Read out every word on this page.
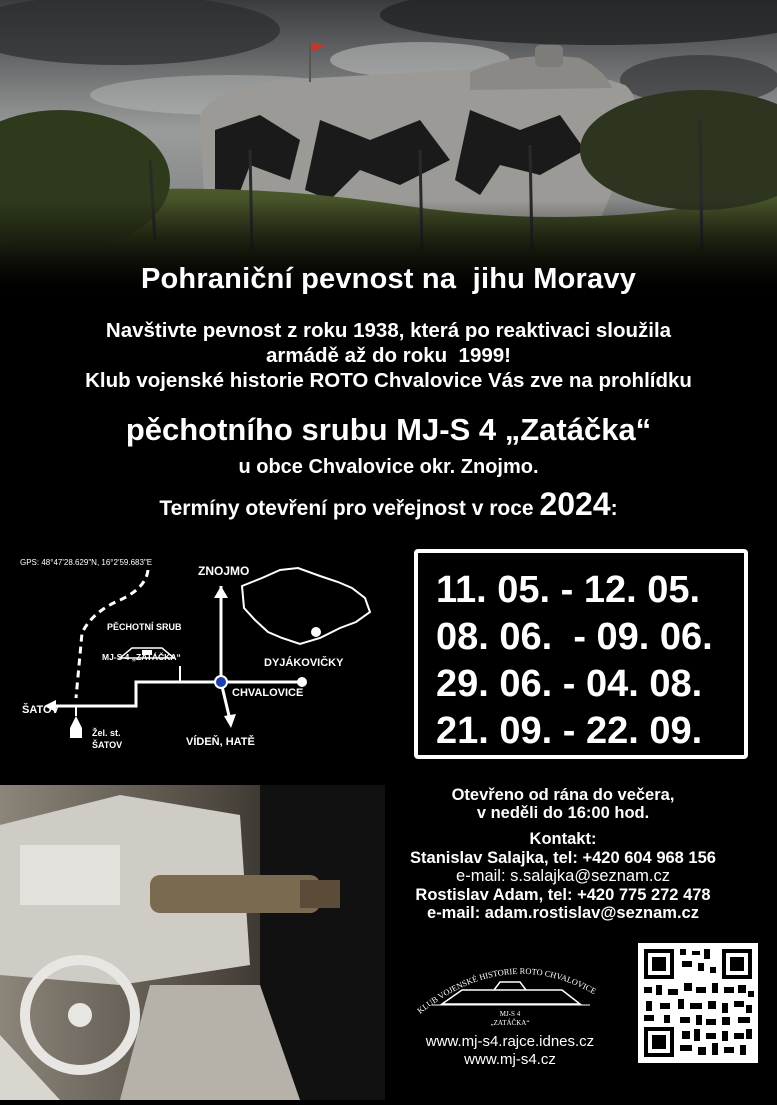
Pohraniční pevnost na  jihu Moravy
Navštivte pevnost z roku 1938, která po reaktivaci sloužila
armádě až do roku  1999!
Klub vojenské historie ROTO Chvalovice Vás zve na prohlídku
pěchotního srubu MJ-S 4 „Zatáčka“
u obce Chvalovice okr. Znojmo.
Termíny otevření pro veřejnost v roce 2024:
GPS: 48°47'28.629"N, 16°2'59.683"E
ZNOJMO
PĚCHOTNÍ SRUB
MJ-S 4 „ZATÁČKA“	DYJÁKOVIČKY
ŠATOV
CHVALOVICE
Žel. st.
ŠATOV	VÍDEŇ, HATĚ
11. 05. - 12. 05.
08. 06.  - 09. 06.
29. 06. - 04. 08.
21. 09. - 22. 09.
Otevřeno od rána do večera,
v neděli do 16:00 hod.
Kontakt:
Stanislav Salajka, tel: +420 604 968 156
e-mail: s.salajka@seznam.cz
Rostislav Adam, tel: +420 775 272 478
e-mail: adam.rostislav@seznam.cz
KLUB VOJENSKÉ HISTORIE ROTO CHVALOVICE
MJ-S 4
„ZATÁČKA“
www.mj-s4.rajce.idnes.cz
www.mj-s4.cz
